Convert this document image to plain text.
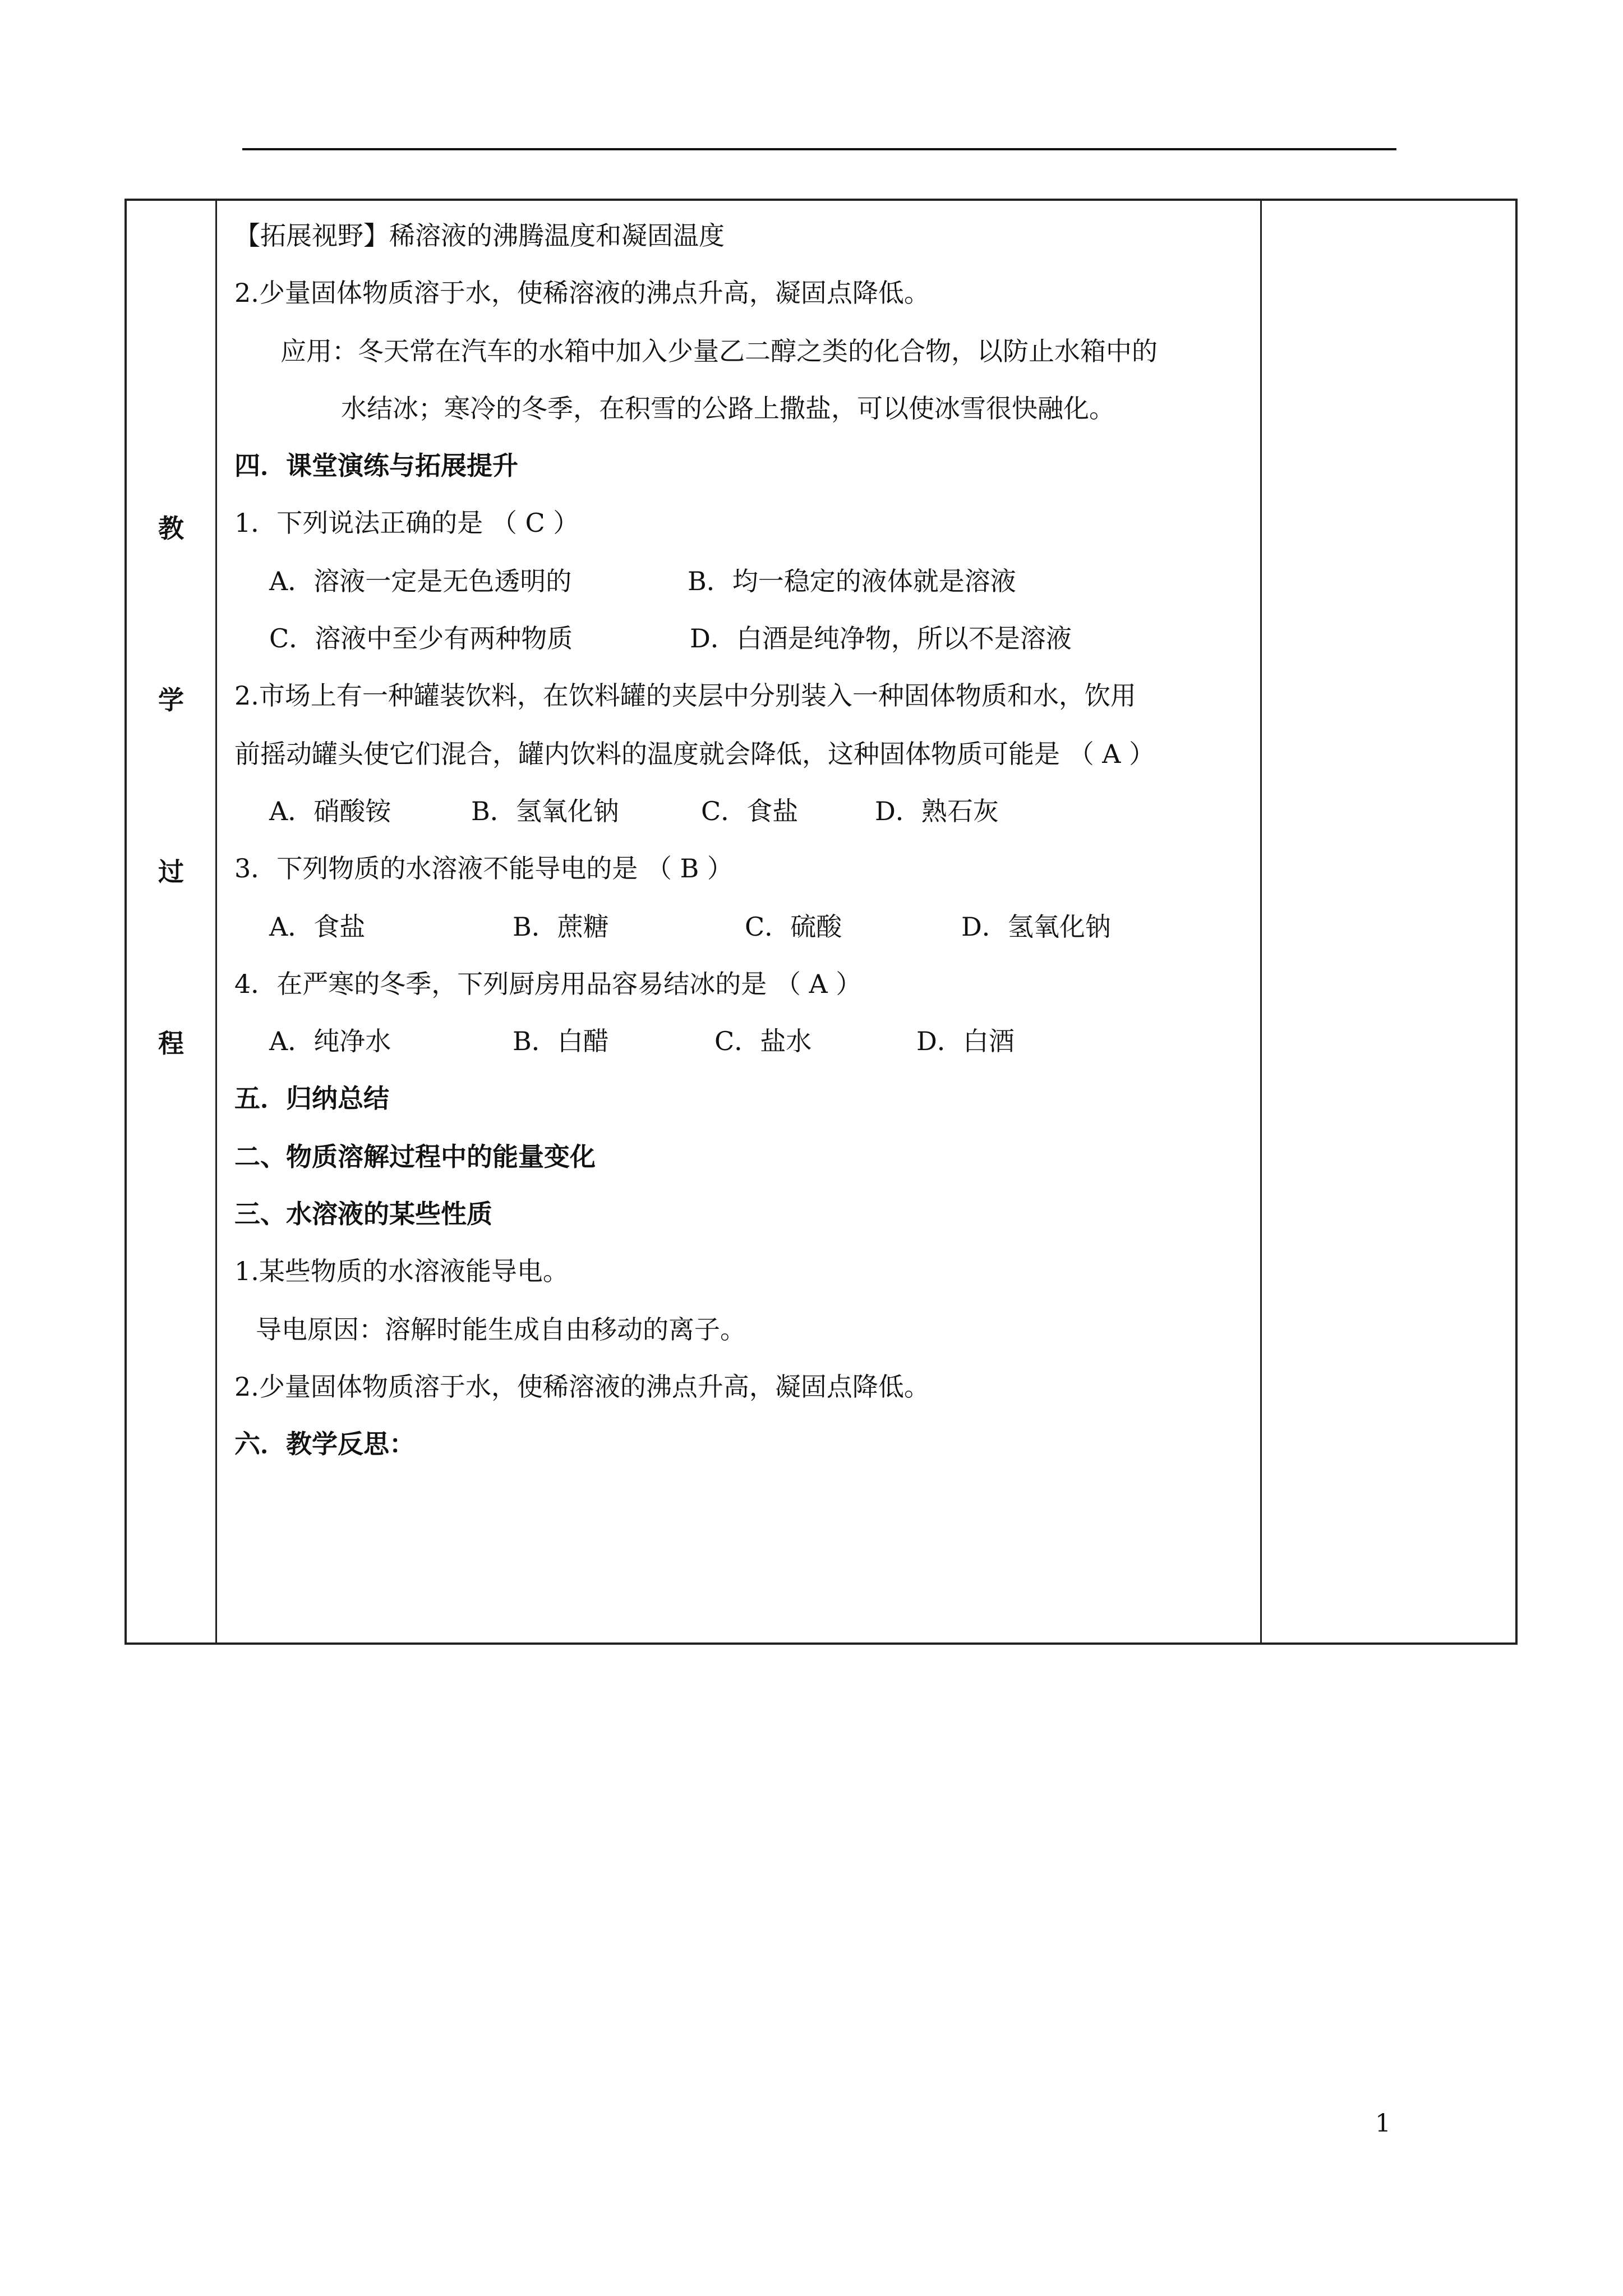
教
学
过
程
【拓展视野】稀溶液的沸腾温度和凝固温度
2.少量固体物质溶于水，使稀溶液的沸点升高，凝固点降低。
应用：冬天常在汽车的水箱中加入少量乙二醇之类的化合物，以防止水箱中的
水结冰；寒冷的冬季，在积雪的公路上撒盐，可以使冰雪很快融化。
四．课堂演练与拓展提升
1．下列说法正确的是 （ C ）
A．溶液一定是无色透明的	B．均一稳定的液体就是溶液
C．溶液中至少有两种物质	D．白酒是纯净物，所以不是溶液
2.市场上有一种罐装饮料，在饮料罐的夹层中分别装入一种固体物质和水，饮用
前摇动罐头使它们混合，罐内饮料的温度就会降低，这种固体物质可能是 （ A ）
A．硝酸铵	B．氢氧化钠	C．食盐	D．熟石灰
3．下列物质的水溶液不能导电的是 （ B ）
A．食盐	B．蔗糖	C．硫酸	D．氢氧化钠
4．在严寒的冬季，下列厨房用品容易结冰的是 （ A ）
A．纯净水	B．白醋	C．盐水	D．白酒
五．归纳总结
二、物质溶解过程中的能量变化
三、水溶液的某些性质
1.某些物质的水溶液能导电。
导电原因：溶解时能生成自由移动的离子。
2.少量固体物质溶于水，使稀溶液的沸点升高，凝固点降低。
六．教学反思：
1
